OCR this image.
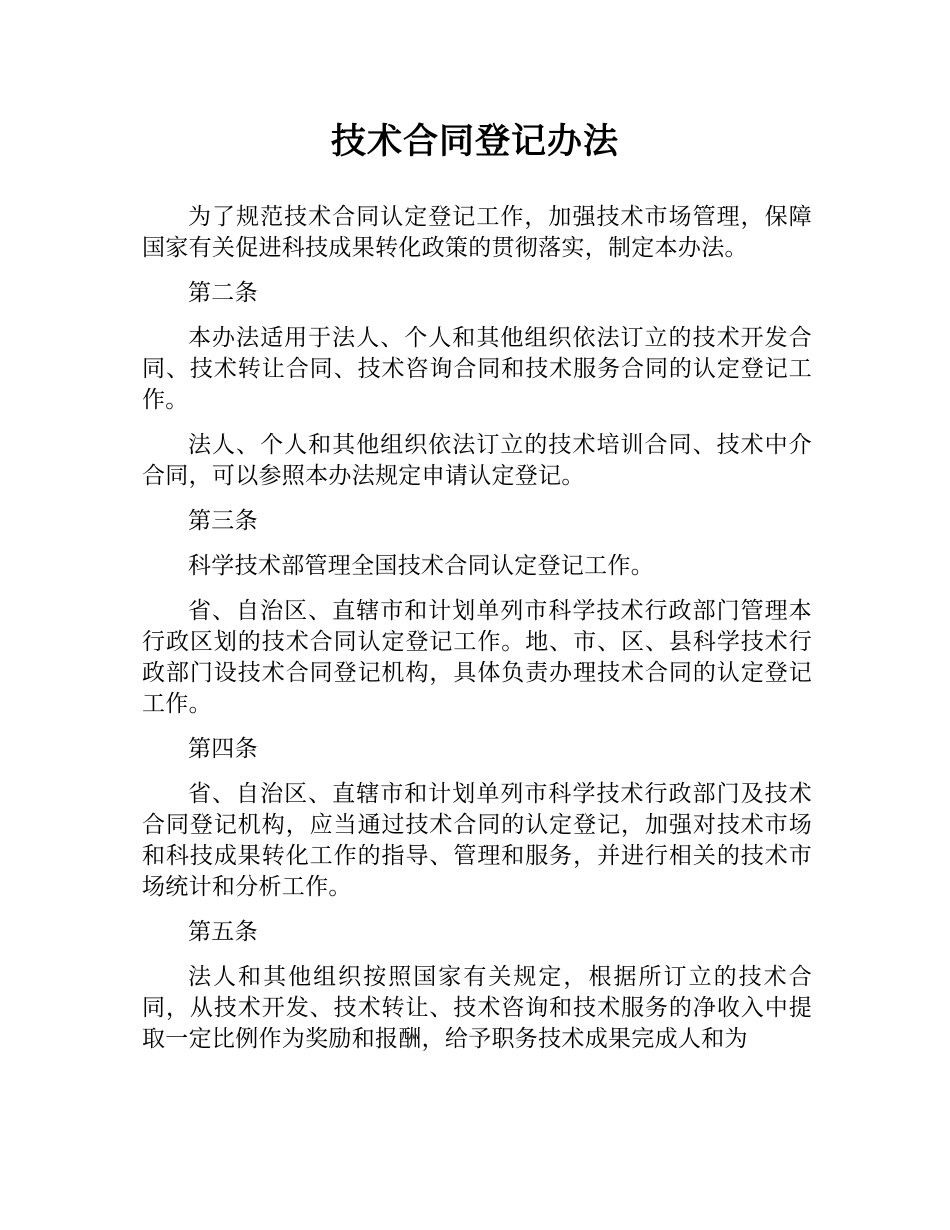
技术合同登记办法

为了规范技术合同认定登记工作，加强技术市场管理，保障国家有关促进科技成果转化政策的贯彻落实，制定本办法。

第二条

本办法适用于法人、个人和其他组织依法订立的技术开发合同、技术转让合同、技术咨询合同和技术服务合同的认定登记工作。

法人、个人和其他组织依法订立的技术培训合同、技术中介合同，可以参照本办法规定申请认定登记。

第三条

科学技术部管理全国技术合同认定登记工作。

省、自治区、直辖市和计划单列市科学技术行政部门管理本行政区划的技术合同认定登记工作。地、市、区、县科学技术行政部门设技术合同登记机构，具体负责办理技术合同的认定登记工作。

第四条

省、自治区、直辖市和计划单列市科学技术行政部门及技术合同登记机构，应当通过技术合同的认定登记，加强对技术市场和科技成果转化工作的指导、管理和服务，并进行相关的技术市场统计和分析工作。

第五条

法人和其他组织按照国家有关规定，根据所订立的技术合同，从技术开发、技术转让、技术咨询和技术服务的净收入中提取一定比例作为奖励和报酬，给予职务技术成果完成人和为
